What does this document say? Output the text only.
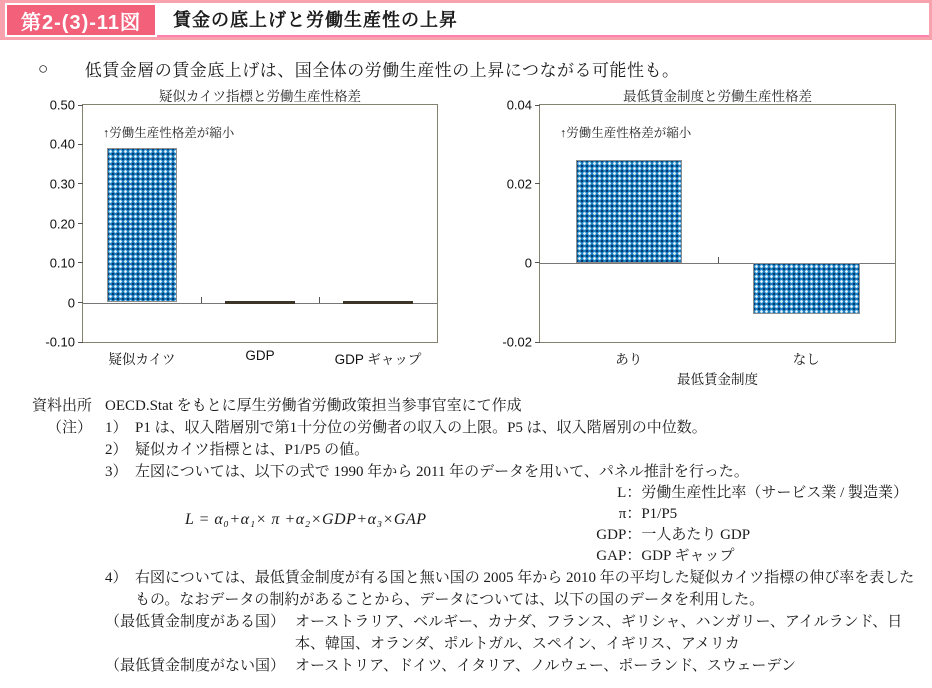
第2-(3)-11図	賃金の底上げと労働生産性の上昇
○ 低賃金層の賃金底上げは、国全体の労働生産性の上昇につながる可能性も。
疑似カイツ指標と労働生産性格差
↑労働生産性格差が縮小
0.50
0.40
0.30
0.20
0.10
0
-0.10
疑似カイツ	GDP	GDP ギャップ
最低賃金制度と労働生産性格差
↑労働生産性格差が縮小
最低賃金制度
0.04
0.02
0
-0.02
あり	なし
資料出所 OECD.Stat をもとに厚生労働省労働政策担当参事官室にて作成
（注） 1） P1 は、収入階層別で第1十分位の労働者の収入の上限。P5 は、収入階層別の中位数。
2） 疑似カイツ指標とは、P1/P5 の値。
3） 左図については、以下の式で 1990 年から 2011 年のデータを用いて、パネル推計を行った。
L = α₀+α₁× π +α₂×GDP+α₃×GAP
L ： 労働生産性比率（サービス業 / 製造業）
π ： P1/P5
GDP ： 一人あたり GDP
GAP ： GDP ギャップ
4） 右図については、最低賃金制度が有る国と無い国の 2005 年から 2010 年の平均した疑似カイツ指標の伸び率を表したもの。なおデータの制約があることから、データについては、以下の国のデータを利用した。
（最低賃金制度がある国） オーストラリア、ベルギー、カナダ、フランス、ギリシャ、ハンガリー、アイルランド、日本、韓国、オランダ、ポルトガル、スペイン、イギリス、アメリカ
（最低賃金制度がない国） オーストリア、ドイツ、イタリア、ノルウェー、ポーランド、スウェーデン
